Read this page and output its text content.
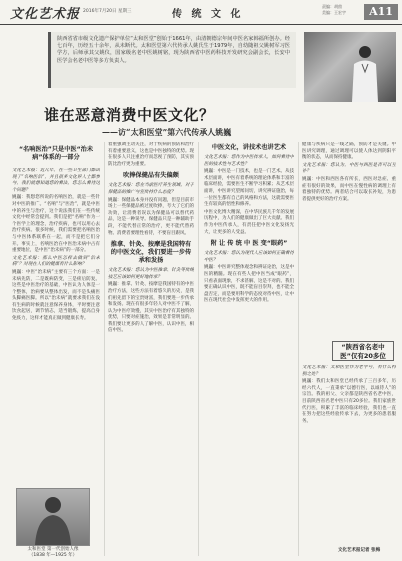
文化艺术报 2016年7月20日 星期三	传 统 文 化
责编：胡茵
美编：王宏宇	A11
陕西省省市级文化遗产保护单位“太和医堂”创始于1661年，由清朝德宗年间中医名家韩福所创办。经七百年，历经五十余年，从未断代。太和医堂第六代传承人姚氏生于1979年，自幼随祖父姚树军习医学方，后师承其父姚仪，国家级名老中医姚树铭，现为陕西省中医药科技开发研究会副会长，长安中医学会名老中医等多方负责人。
谁在恶意消费中医文化？
——访“太和医堂”第六代传承人姚巍
“名响医治”只是中医“治未病”体系的一部分

文化艺术报：近几年，在一些卫生部门都出现了“名响医治”，并且很多文化界人士都参与，我们就想知道您的看法，您怎么看待这个问题？

姚巍：我想您所说的名响医治，就是一些针对中医的推广。“名响”与“医治”，就是中医中的养生与治疗，这个说法我们在一些传统文化中经常会提到。我们是把“名响”作为一个医学上的理念，治疗疾病，也可以用心去治疗疾病。很多时候，我们需要把名响医治与中医体系联系在一起，而不是把它们分开。事实上，名响医治在中医治未病中占有重要地位，是中医“治未病”的一部分。

文化艺术报：那么中医怎样去做到“治未病”？对现在人们的健康有什么影响？

姚巍：中医“治未病”主要有三个方面：一是未病先防，二是既病防变，三是瘥后防复。这些是中医治疗的基础，中医认为人体是一个整体，治病要从整体出发，而不是头痛医头脚痛医脚。所以“治未病”就要求我们在没有生病的时候就注意保养身体，平时要注意饮食起居，调节情志，适当锻炼，提高自身免疫力，这样才能真正做到健康长寿。

太和医堂 第一代创始人像
（1838 年—1925 年）

着重强调主动关注，对于疾病的预防和治疗有着重要意义，这也是中医独特的优势。现在很多人只注重治疗而忽视了预防，其实预防比治疗更为重要。

吹捧保健品有失偏颇

文化艺术报：您在当前医疗养生领域，对于保健品的推广与宣传持什么态度？

姚巍：保健品本身并没有问题，但是目前市场上一些保健品被过度吹捧，夸大了它们的功效，让消费者误以为保健品可以替代药品，这是一种误导。保健品只是一种辅助手段，不能代替正常的治疗，更不能代替药物。消费者要理性看待，不要盲目跟风。

推拿、针灸、按摩是我国特有的中医文化，我们要进一步传承和发扬

文化艺术报：您认为中医推拿、针灸等传统技艺应该如何更好地传承？

姚巍：推拿、针灸、按摩是我国特有的中医治疗方法，这些方法有着悠久的历史，是我们祖先留下的宝贵财富，我们要进一步传承和发扬。现在有很多年轻人对中医不了解，认为中医疗效慢，其实中医治疗有其独特的优势，只要对症施治，效果是非常明显的。我们要让更多的人了解中医，认识中医，相信中医。

中医文化，讲技术也讲艺术

文化艺术报：您作为中医传承人，如何看待中医的技术性与艺术性？

姚巍：中医是一门技术，也是一门艺术。从技术层面讲，中医有着系统的理论体系和丰富的临床经验，需要医生不断学习积累；从艺术层面讲，中医讲究望闻问切，讲究辨证施治，每一位医生都有自己的风格和方法，这就需要医生有较高的悟性和修养。

中医文化博大精深，在中华民族几千年的发展历程中，为人们的健康做出了巨大贡献。我们作为中医传承人，有责任把中医文化发扬光大，让更多的人受益。

附 让 传 统 中 医 变“眼药”

文化艺术报：您认为现代人应该如何正确看待中医？

姚巍：中医讲究整体观念和辨证论治，这是中医的精髓。现在有些人把中医当成“眼药”，只看表面现象，不求甚解，这是不对的。我们要正确认识中医，既不能盲目崇拜，也不能全盘否定，而是要用科学的态度对待中医，让中医在现代社会中发挥更大的作用。

健康与疾病只是一线之隔，预防才是关键。中医讲究调理，通过调理可以使人体达到阴阳平衡的状态，从而保持健康。

文化艺术报：您认为，中医与西医是否可以互补？

姚巍：中医和西医各有所长，西医对急症、重症有很好的效果，而中医在慢性病的调理上有着独特的优势。两者结合可以取长补短，为患者提供更好的治疗方案。

“陕西省名老中医”仅有20多位

文化艺术报：太和医堂作为老字号，有什么特别之处？

姚巍：我们太和医堂已经传承了三百多年，历经六代人，一直秉承“以德行医，以诚待人”的宗旨。我的祖父、父亲都是陕西省名老中医，目前陕西省名老中医只有20多位。我们家族世代行医，积累了丰富的临床经验，我们也一直在努力把这些经验传承下去，为更多的患者服务。

文化艺术报记者 张梅
